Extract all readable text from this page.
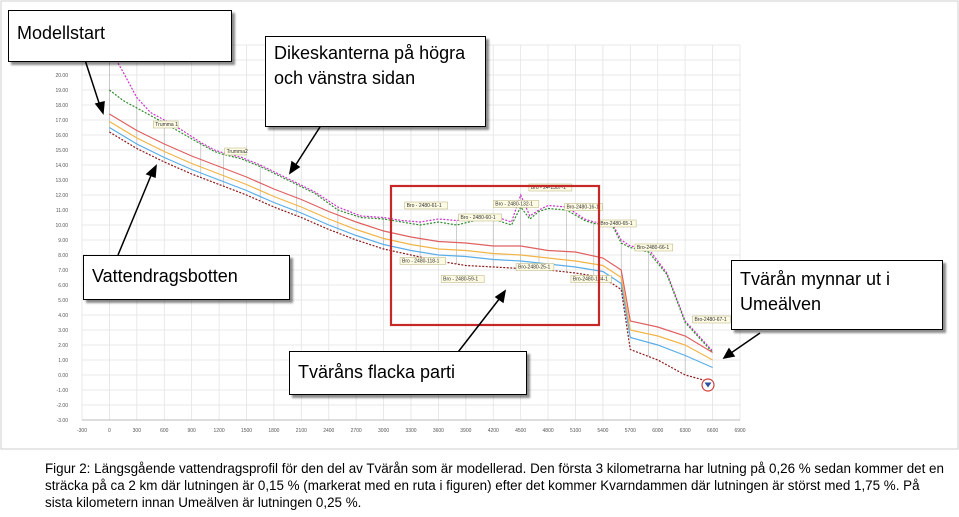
-300	0	300	600	900	1200	1500	1800	2100	2400	2700	3000	3300	3600	3900	4200	4500	4800	5100	5400	5700	6000	6300	6600	6900
-3.00
-2.00
-1.00
0.00
1.00
2.00
3.00
4.00
5.00
6.00
7.00
8.00
9.00
10.00
11.00
12.00
13.00
14.00
15.00
16.00
17.00
18.00
19.00
20.00
Trumma 1
Trumma2
Bro - 2480-61-1
Bro - 2480-60-1
Bro - 2480-132-1
Bro - 24-1307-1
Bro-2480-16-1
Bro-2480-65-1
Bro - 2480-118-1
Bro - 2480-59-1
Bro-2480-25-1
Bro-2480-134-1
Bro-2480-66-1
Bro-2480-67-1
Modellstart
Dikeskanterna på högra och vänstra sidan
Vattendragsbotten	Tvärån mynnar ut i Umeälven
Tväråns flacka parti
Figur 2: Längsgående vattendragsprofil för den del av Tvärån som är modellerad. Den första 3 kilometrarna har lutning på 0,26 % sedan kommer det en sträcka på ca 2 km där lutningen är 0,15 % (markerat med en ruta i figuren) efter det kommer Kvarndammen där lutningen är störst med 1,75 %. På sista kilometern innan Umeälven är lutningen 0,25 %.
